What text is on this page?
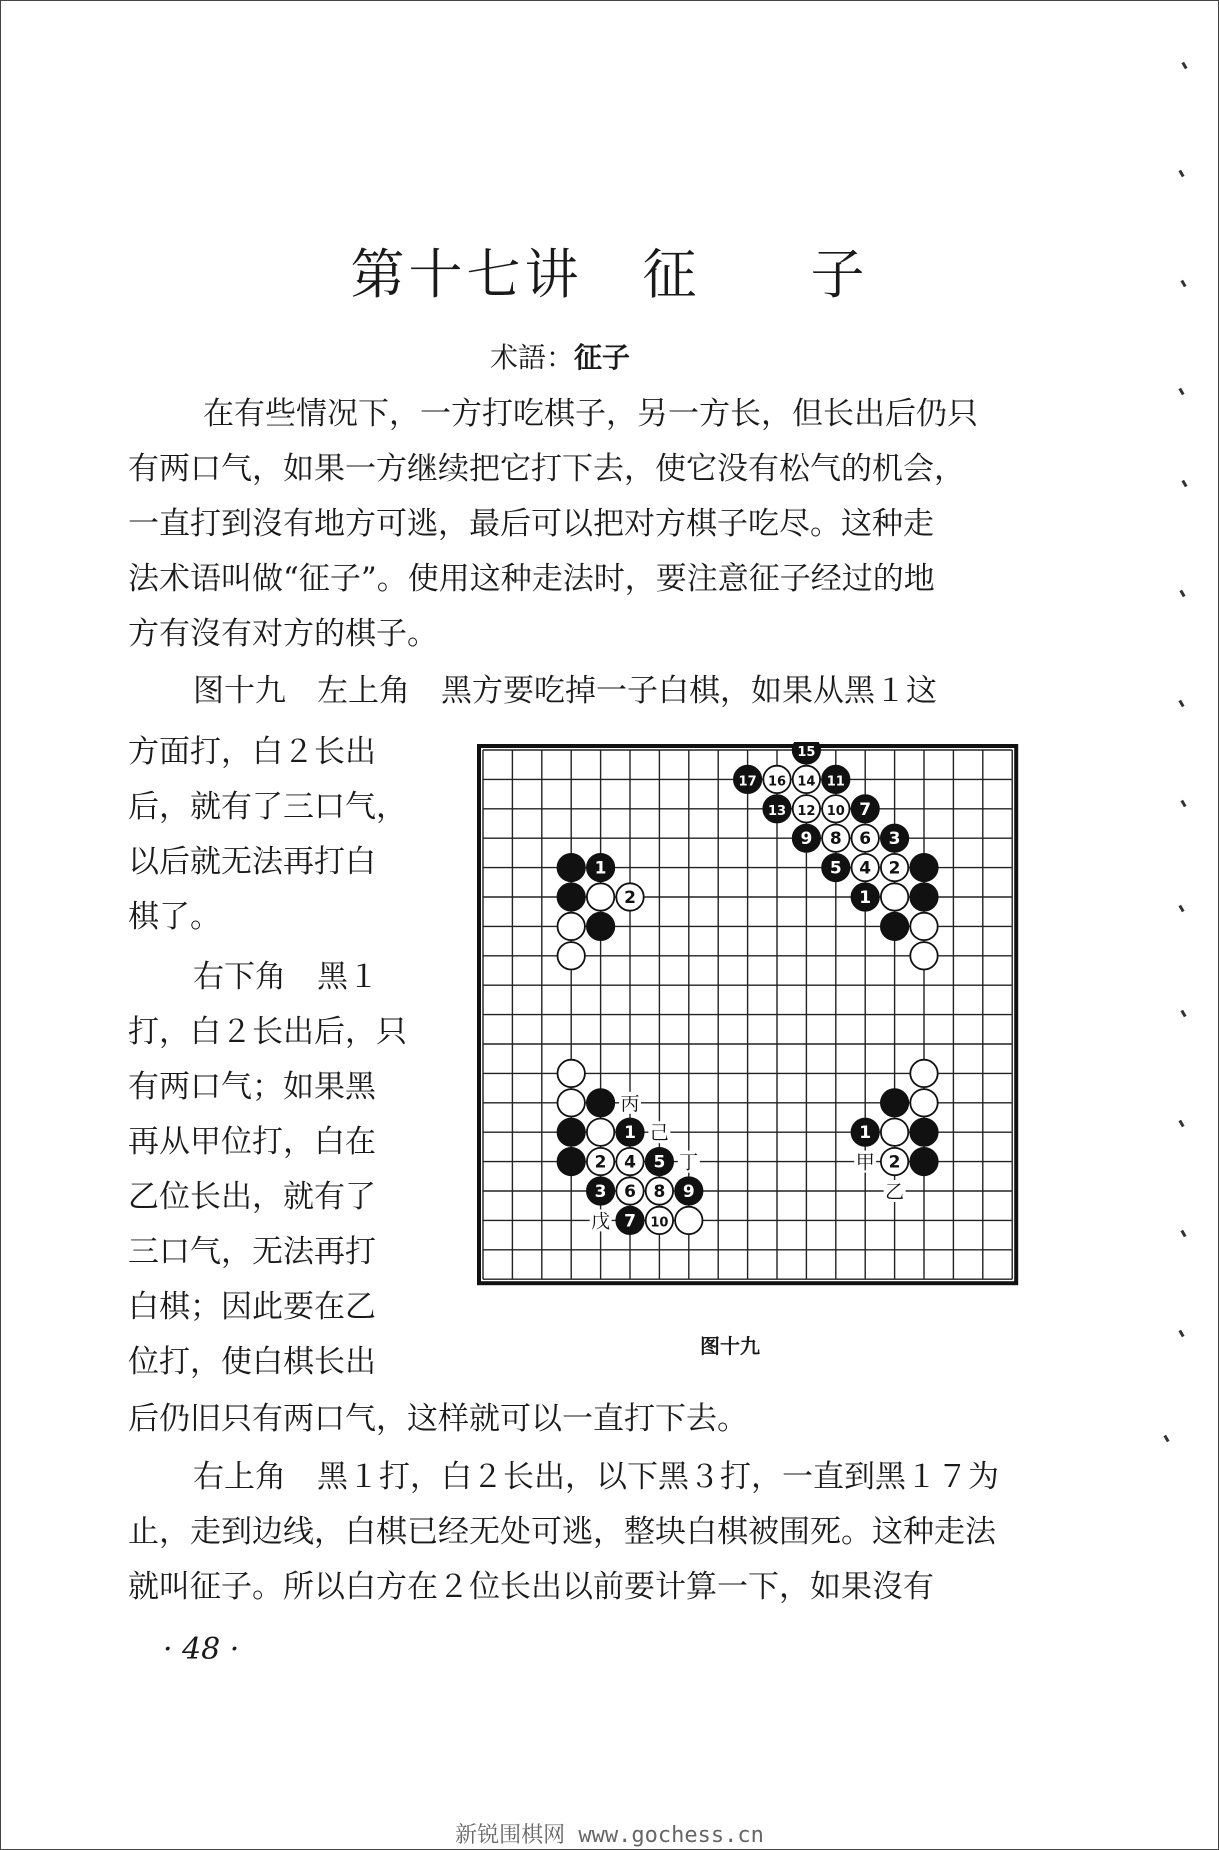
第十七讲 征 子
术語：征子
在有些情况下，一方打吃棋子，另一方长，但长出后仍只
有两口气，如果一方继续把它打下去，使它没有松气的机会，
一直打到沒有地方可逃，最后可以把对方棋子吃尽。这种走
法术语叫做“征子”。使用这种走法时，要注意征子经过的地
方有沒有对方的棋子。
图十九　左上角　黑方要吃掉一子白棋，如果从黑１这
方面打，白２长出
后，就有了三口气，
以后就无法再打白
棋了。
右下角　黑１
打，白２长出后，只
有两口气；如果黑
再从甲位打，白在
乙位长出，就有了
三口气，无法再打
白棋；因此要在乙
位打，使白棋长出
后仍旧只有两口气，这样就可以一直打下去。
右上角　黑１打，白２长出，以下黑３打，一直到黑１７为
止，走到边线，白棋已经无处可逃，整块白棋被围死。这种走法
就叫征子。所以白方在２位长出以前要计算一下，如果沒有
15
17 16 14 11
13 12 10 7
9 8 6 3
5 4 2
1
1
2
1
2 4 5
3 6 8 9
7 10
1
2
丙
己
丁
戊
甲
乙
图十九
· 48 ·
新锐围棋网 www.gochess.cn
